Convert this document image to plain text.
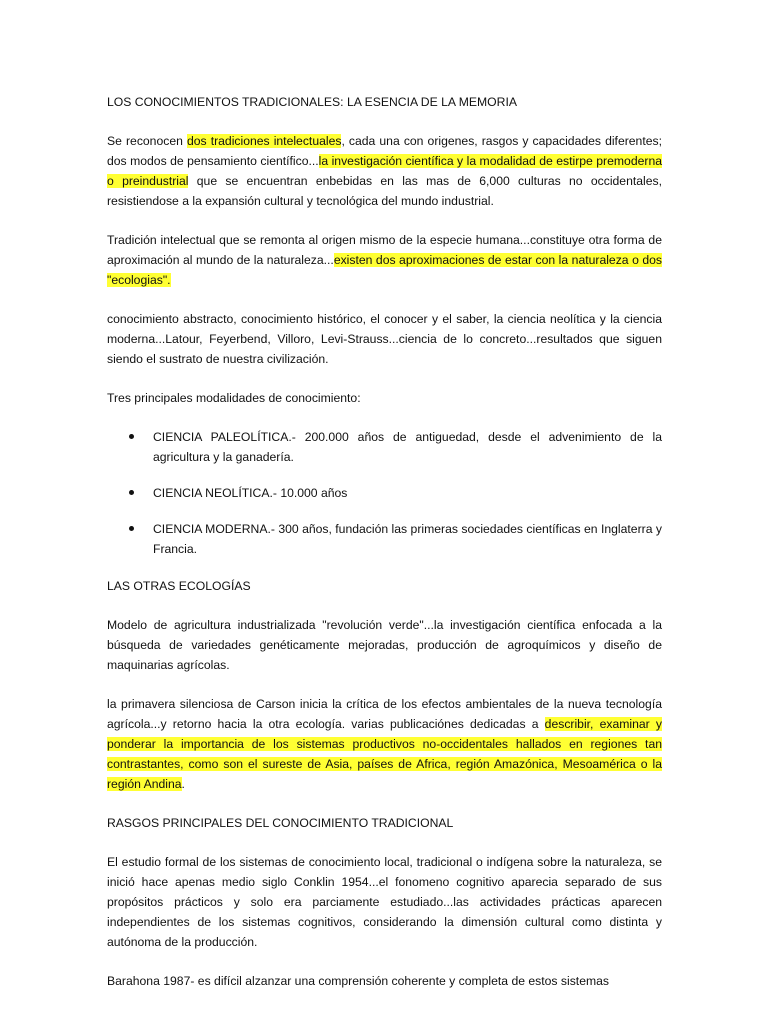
LOS CONOCIMIENTOS TRADICIONALES: LA ESENCIA DE LA MEMORIA

Se reconocen dos tradiciones intelectuales, cada una con origenes, rasgos y capacidades diferentes; dos modos de pensamiento científico...la investigación científica y la modalidad de estirpe premoderna o preindustrial que se encuentran enbebidas en las mas de 6,000 culturas no occidentales, resistiendose a la expansión cultural y tecnológica del mundo industrial.

Tradición intelectual que se remonta al origen mismo de la especie humana...constituye otra forma de aproximación al mundo de la naturaleza...existen dos aproximaciones de estar con la naturaleza o dos "ecologias".

conocimiento abstracto, conocimiento histórico, el conocer y el saber, la ciencia neolítica y la ciencia moderna...Latour, Feyerbend, Villoro, Levi-Strauss...ciencia de lo concreto...resultados que siguen siendo el sustrato de nuestra civilización.

Tres principales modalidades de conocimiento:

CIENCIA PALEOLÍTICA.- 200.000 años de antiguedad, desde el advenimiento de la agricultura y la ganadería.
CIENCIA NEOLÍTICA.- 10.000 años
CIENCIA MODERNA.- 300 años, fundación las primeras sociedades científicas en Inglaterra y Francia.
LAS OTRAS ECOLOGÍAS

Modelo de agricultura industrializada "revolución verde"...la investigación científica enfocada a la búsqueda de variedades genéticamente mejoradas, producción de agroquímicos y diseño de maquinarias agrícolas.

la primavera silenciosa de Carson inicia la crítica de los efectos ambientales de la nueva tecnología agrícola...y retorno hacia la otra ecología. varias publicaciónes dedicadas a describir, examinar y ponderar la importancia de los sistemas productivos no-occidentales hallados en regiones tan contrastantes, como son el sureste de Asia, países de Africa, región Amazónica, Mesoamérica o la región Andina.

RASGOS PRINCIPALES DEL CONOCIMIENTO TRADICIONAL

El estudio formal de los sistemas de conocimiento local, tradicional o indígena sobre la naturaleza, se inició hace apenas medio siglo Conklin 1954...el fonomeno cognitivo aparecia separado de sus propósitos prácticos y solo era parciamente estudiado...las actividades prácticas aparecen independientes de los sistemas cognitivos, considerando la dimensión cultural como distinta y autónoma de la producción.

Barahona 1987- es difícil alzanzar una comprensión coherente y completa de estos sistemas
